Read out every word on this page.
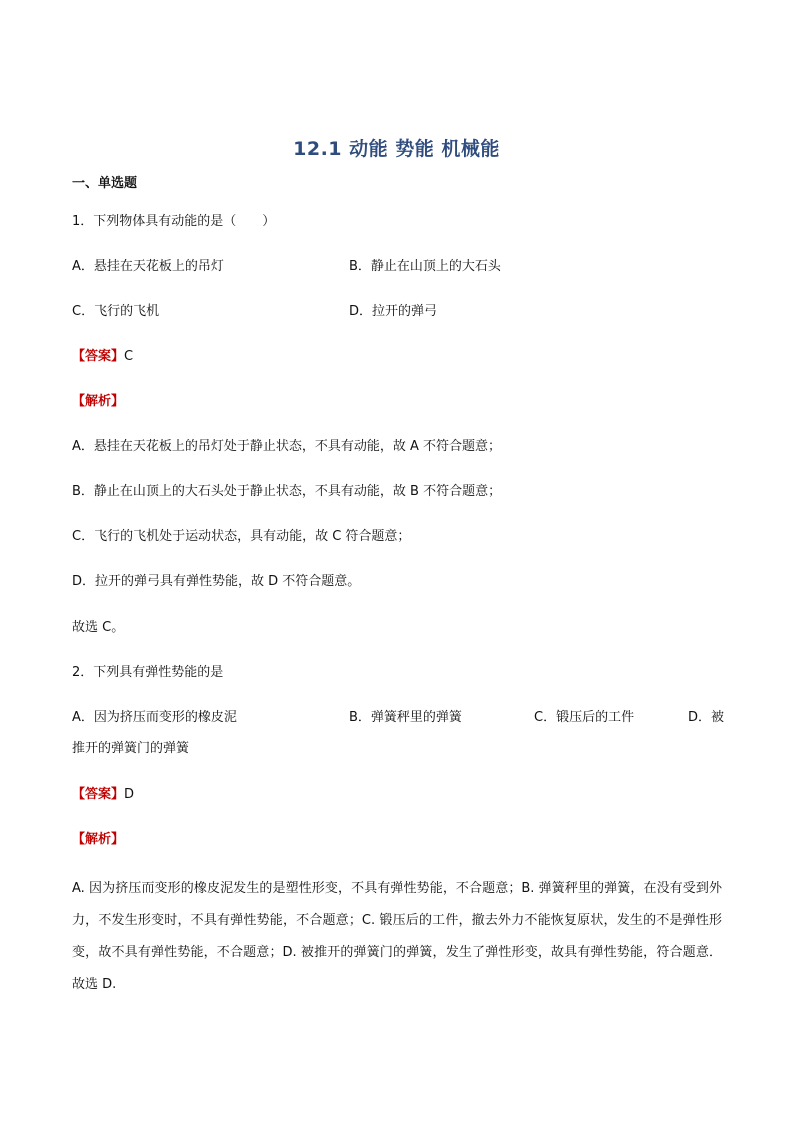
12.1 动能 势能 机械能
一、单选题
1．下列物体具有动能的是（　　）
A．悬挂在天花板上的吊灯	B．静止在山顶上的大石头
C．飞行的飞机	D．拉开的弹弓
【答案】C
【解析】
A．悬挂在天花板上的吊灯处于静止状态，不具有动能，故 A 不符合题意；
B．静止在山顶上的大石头处于静止状态，不具有动能，故 B 不符合题意；
C．飞行的飞机处于运动状态，具有动能，故 C 符合题意；
D．拉开的弹弓具有弹性势能，故 D 不符合题意。
故选 C。
2．下列具有弹性势能的是
A．因为挤压而变形的橡皮泥	B．弹簧秤里的弹簧	C．锻压后的工件	D．被
推开的弹簧门的弹簧
【答案】D
【解析】
A. 因为挤压而变形的橡皮泥发生的是塑性形变，不具有弹性势能，不合题意；B. 弹簧秤里的弹簧，在没有受到外力，不发生形变时，不具有弹性势能，不合题意；C. 锻压后的工件，撤去外力不能恢复原状，发生的不是弹性形变，故不具有弹性势能，不合题意；D. 被推开的弹簧门的弹簧，发生了弹性形变，故具有弹性势能，符合题意．故选 D.
